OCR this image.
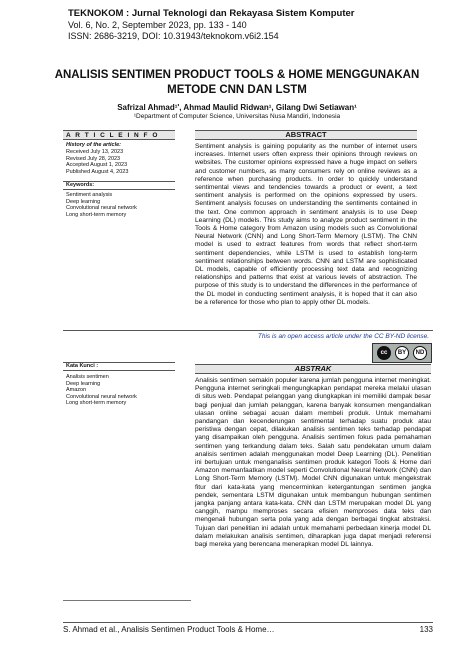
TEKNOKOM : Jurnal Teknologi dan Rekayasa Sistem Komputer
Vol. 6, No. 2, September 2023, pp. 133 - 140
ISSN: 2686-3219, DOI: 10.31943/teknokom.v6i2.154
ANALISIS SENTIMEN PRODUCT TOOLS & HOME MENGGUNAKAN
METODE CNN DAN LSTM
Safrizal Ahmad¹', Ahmad Maulid Ridwan¹, Gilang Dwi Setiawan¹
¹Department of Computer Science, Universitas Nusa Mandiri, Indonesia
A R T I C L E I N F O
History of the article:
Received July 13, 2023
Revised July 28, 2023
Accepted August 1, 2023
Published August 4, 2023
Keywords:
Sentiment analysis
Deep learning
Convolutional neural network
Long short-term memory
ABSTRACT
Sentiment analysis is gaining popularity as the number of internet users increases. Internet users often express their opinions through reviews on websites. The customer opinions expressed have a huge impact on sellers and customer numbers, as many consumers rely on online reviews as a reference when purchasing products. In order to quickly understand sentimental views and tendencies towards a product or event, a text sentiment analysis is performed on the opinions expressed by users. Sentiment analysis focuses on understanding the sentiments contained in the text. One common approach in sentiment analysis is to use Deep Learning (DL) models. This study aims to analyze product sentiment in the Tools & Home category from Amazon using models such as Convolutional Neural Network (CNN) and Long Short-Term Memory (LSTM). The CNN model is used to extract features from words that reflect short-term sentiment dependencies, while LSTM is used to establish long-term sentiment relationships between words. CNN and LSTM are sophisticated DL models, capable of efficiently processing text data and recognizing relationships and patterns that exist at various levels of abstraction. The purpose of this study is to understand the differences in the performance of the DL model in conducting sentiment analysis, it is hoped that it can also be a reference for those who plan to apply other DL models.
This is an open access article under the CC BY-ND license.
cc	BY	ND
Kata Kunci :
Analisis sentimen
Deep learning
Amazon
Convolutional neural network
Long short-term memory
ABSTRAK
Analisis sentimen semakin populer karena jumlah pengguna internet meningkat. Pengguna internet seringkali mengungkapkan pendapat mereka melalui ulasan di situs web. Pendapat pelanggan yang diungkapkan ini memiliki dampak besar bagi penjual dan jumlah pelanggan, karena banyak konsumen mengandalkan ulasan online sebagai acuan dalam membeli produk. Untuk memahami pandangan dan kecenderungan sentimental terhadap suatu produk atau peristiwa dengan cepat, dilakukan analisis sentimen teks terhadap pendapat yang disampaikan oleh pengguna. Analisis sentimen fokus pada pemahaman sentimen yang terkandung dalam teks. Salah satu pendekatan umum dalam analisis sentimen adalah menggunakan model Deep Learning (DL). Penelitian ini bertujuan untuk menganalisis sentimen produk kategori Tools & Home dari Amazon memanfaatkan model seperti Convolutional Neural Network (CNN) dan Long Short-Term Memory (LSTM). Model CNN digunakan untuk mengekstrak fitur dari kata-kata yang mencerminkan ketergantungan sentimen jangka pendek, sementara LSTM digunakan untuk membangun hubungan sentimen jangka panjang antara kata-kata. CNN dan LSTM merupakan model DL yang canggih, mampu memproses secara efisien memproses data teks dan mengenali hubungan serta pola yang ada dengan berbagai tingkat abstraksi. Tujuan dari penelitian ini adalah untuk memahami perbedaan kinerja model DL dalam melakukan analisis sentimen, diharapkan juga dapat menjadi referensi bagi mereka yang berencana menerapkan model DL lainnya.
S. Ahmad et al., Analisis Sentimen Product Tools & Home…	133
